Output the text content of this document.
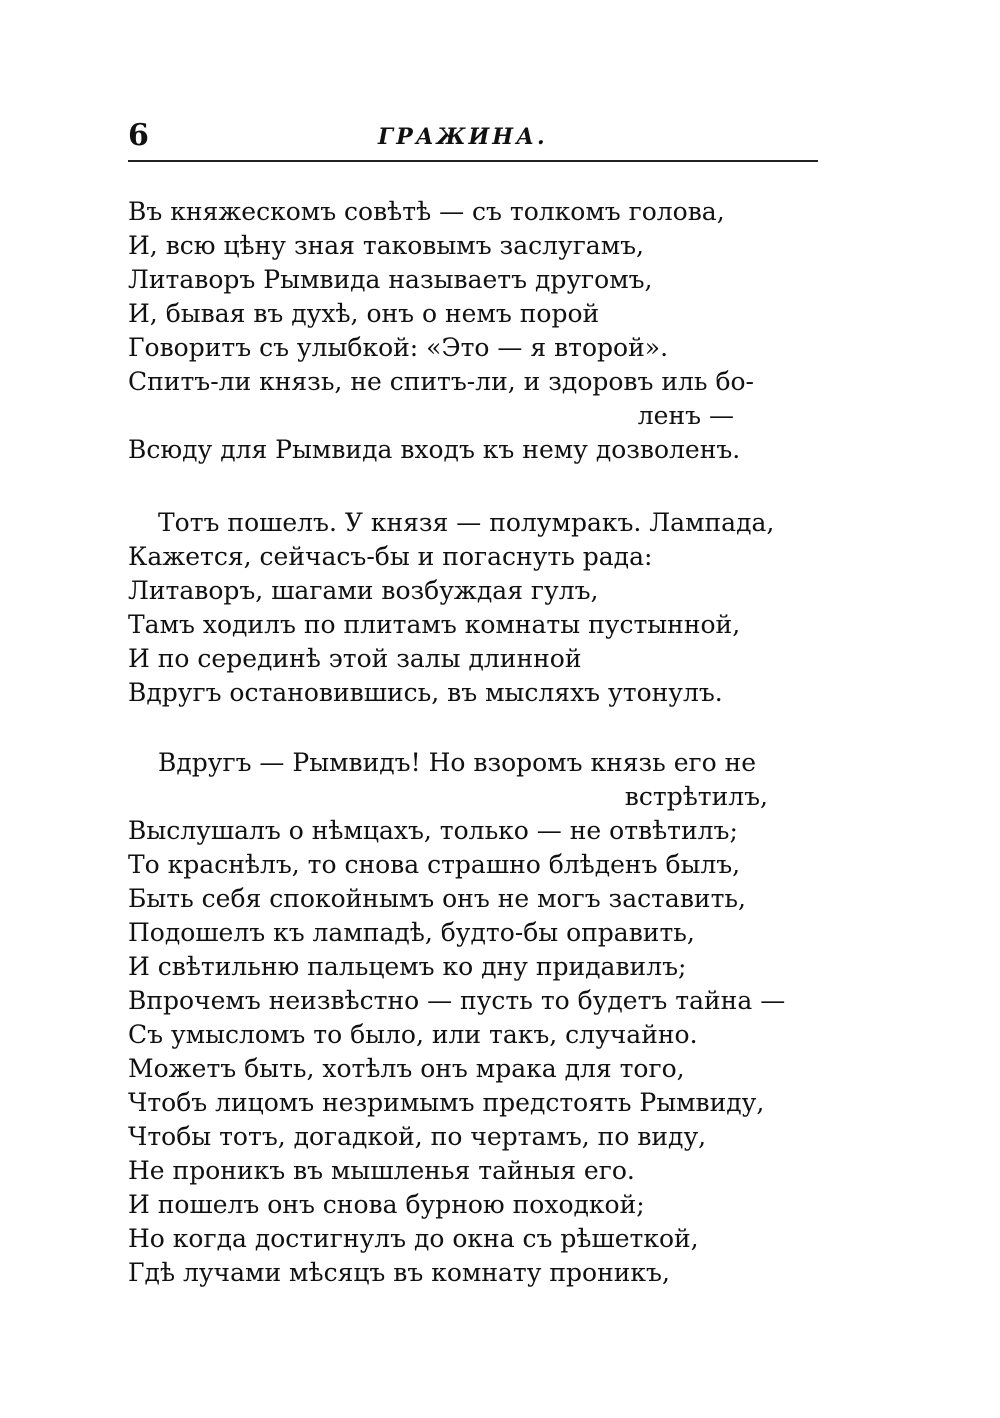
6	ГРАЖИНА.
Въ княжескомъ совѣтѣ — съ толкомъ голова,
И, всю цѣну зная таковымъ заслугамъ,
Литаворъ Рымвида называетъ другомъ,
И, бывая въ духѣ, онъ о немъ порой
Говоритъ съ улыбкой: «Это — я второй».
Спитъ-ли князь, не спитъ-ли, и здоровъ иль бо-
ленъ —
Всюду для Рымвида входъ къ нему дозволенъ.
Тотъ пошелъ. У князя — полумракъ. Лампада,
Кажется, сейчасъ-бы и погаснуть рада:
Литаворъ, шагами возбуждая гулъ,
Тамъ ходилъ по плитамъ комнаты пустынной,
И по серединѣ этой залы длинной
Вдругъ остановившись, въ мысляхъ утонулъ.
Вдругъ — Рымвидъ! Но взоромъ князь его не
встрѣтилъ,
Выслушалъ о нѣмцахъ, только — не отвѣтилъ;
То краснѣлъ, то снова страшно блѣденъ былъ,
Быть себя спокойнымъ онъ не могъ заставить,
Подошелъ къ лампадѣ, будто-бы оправить,
И свѣтильню пальцемъ ко дну придавилъ;
Впрочемъ неизвѣстно — пусть то будетъ тайна —
Съ умысломъ то было, или такъ, случайно.
Можетъ быть, хотѣлъ онъ мрака для того,
Чтобъ лицомъ незримымъ предстоять Рымвиду,
Чтобы тотъ, догадкой, по чертамъ, по виду,
Не проникъ въ мышленья тайныя его.
И пошелъ онъ снова бурною походкой;
Но когда достигнулъ до окна съ рѣшеткой,
Гдѣ лучами мѣсяцъ въ комнату проникъ,
